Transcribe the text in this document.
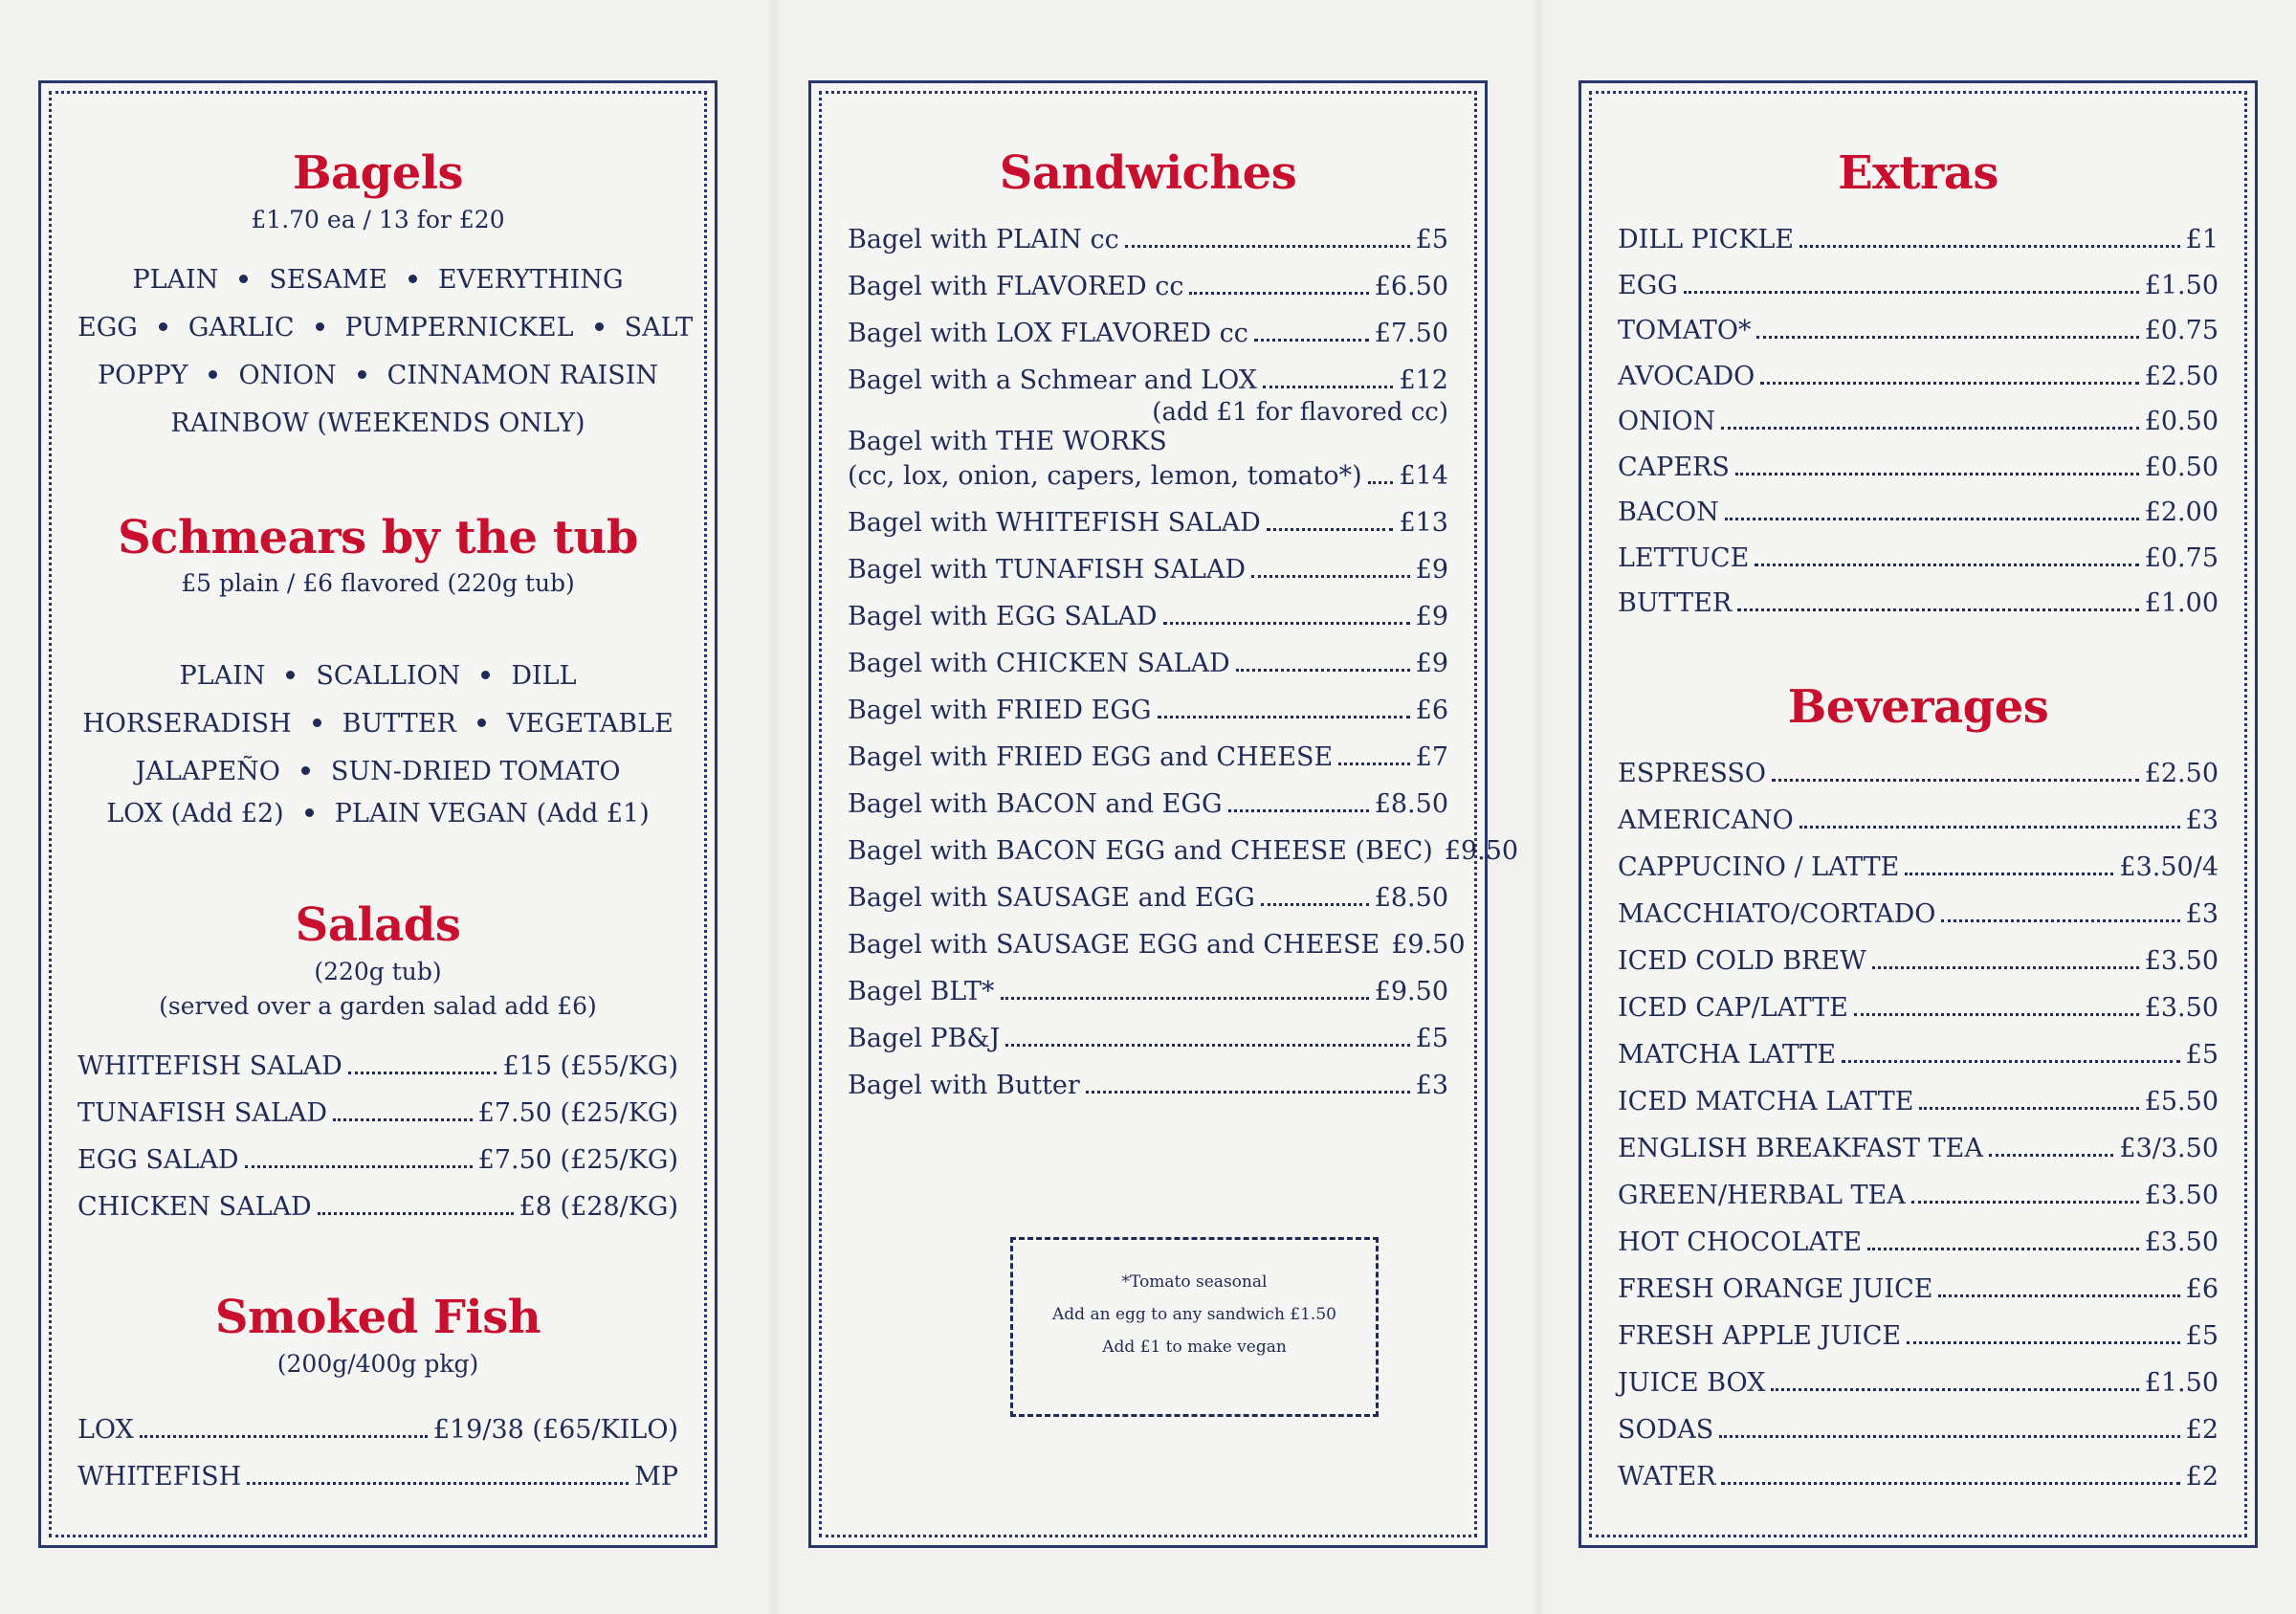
Bagels
£1.70 ea / 13 for £20
PLAIN SESAME EVERYTHING
EGG GARLIC PUMPERNICKEL SALT
POPPY ONION CINNAMON RAISIN
RAINBOW (WEEKENDS ONLY)
Schmears by the tub
£5 plain / £6 flavored (220g tub)
PLAIN SCALLION DILL
HORSERADISH BUTTER VEGETABLE
JALAPEÑO SUN-DRIED TOMATO
LOX (Add £2) PLAIN VEGAN (Add £1)
Salads
(220g tub)
(served over a garden salad add £6)
WHITEFISH SALAD	£15 (£55/KG)
TUNAFISH SALAD	£7.50 (£25/KG)
EGG SALAD	£7.50 (£25/KG)
CHICKEN SALAD	£8 (£28/KG)
Smoked Fish
(200g/400g pkg)
LOX	£19/38 (£65/KILO)
WHITEFISH	MP
Sandwiches
Bagel with PLAIN cc	£5
Bagel with FLAVORED cc	£6.50
Bagel with LOX FLAVORED cc	£7.50
Bagel with a Schmear and LOX	£12
(add £1 for flavored cc)
Bagel with THE WORKS
(cc, lox, onion, capers, lemon, tomato*) £14
Bagel with WHITEFISH SALAD	£13
Bagel with TUNAFISH SALAD	£9
Bagel with EGG SALAD	£9
Bagel with CHICKEN SALAD	£9
Bagel with FRIED EGG	£6
Bagel with FRIED EGG and CHEESE	£7
Bagel with BACON and EGG	£8.50
Bagel with BACON EGG and CHEESE (BEC) £9.50
Bagel with SAUSAGE and EGG	£8.50
Bagel with SAUSAGE EGG and CHEESE £9.50
Bagel BLT*	£9.50
Bagel PB&J	£5
Bagel with Butter	£3
*Tomato seasonal
Add an egg to any sandwich £1.50
Add £1 to make vegan
Extras
DILL PICKLE	£1
EGG	£1.50
TOMATO*	£0.75
AVOCADO	£2.50
ONION	£0.50
CAPERS	£0.50
BACON	£2.00
LETTUCE	£0.75
BUTTER	£1.00
Beverages
ESPRESSO	£2.50
AMERICANO	£3
CAPPUCINO / LATTE	£3.50/4
MACCHIATO/CORTADO	£3
ICED COLD BREW	£3.50
ICED CAP/LATTE	£3.50
MATCHA LATTE	£5
ICED MATCHA LATTE	£5.50
ENGLISH BREAKFAST TEA	£3/3.50
GREEN/HERBAL TEA	£3.50
HOT CHOCOLATE	£3.50
FRESH ORANGE JUICE	£6
FRESH APPLE JUICE	£5
JUICE BOX	£1.50
SODAS	£2
WATER	£2
